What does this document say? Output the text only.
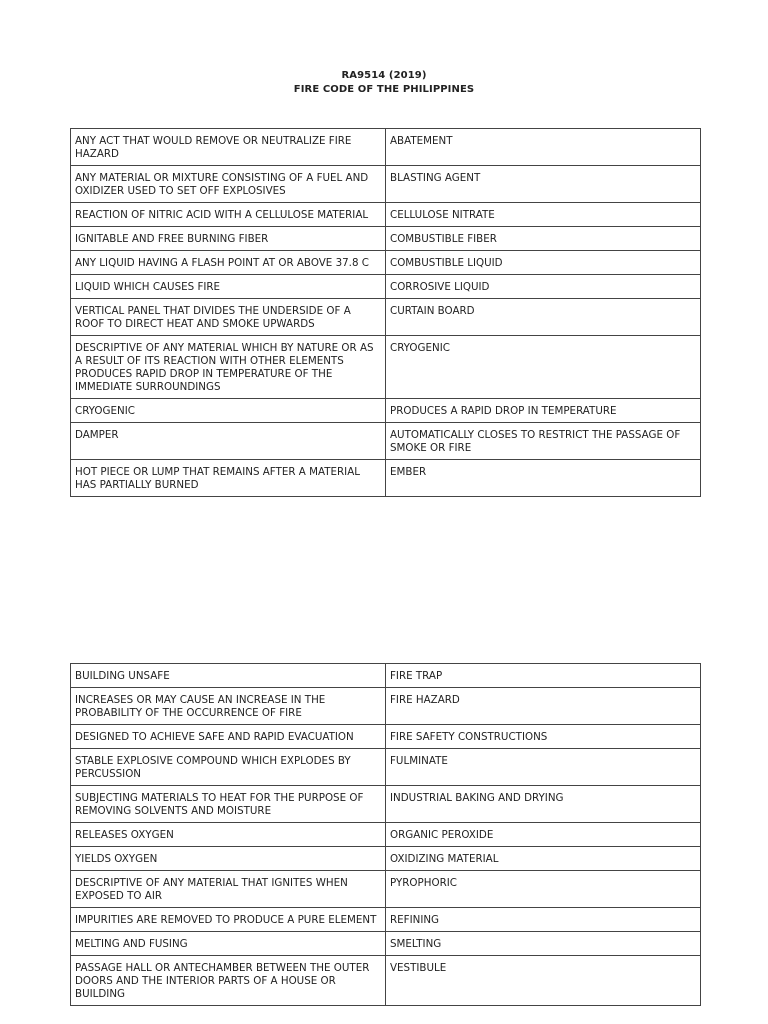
RA9514 (2019)
FIRE CODE OF THE PHILIPPINES
ANY ACT THAT WOULD REMOVE OR NEUTRALIZE FIRE HAZARD	ABATEMENT
ANY MATERIAL OR MIXTURE CONSISTING OF A FUEL AND OXIDIZER USED TO SET OFF EXPLOSIVES	BLASTING AGENT
REACTION OF NITRIC ACID WITH A CELLULOSE MATERIAL	CELLULOSE NITRATE
IGNITABLE AND FREE BURNING FIBER	COMBUSTIBLE FIBER
ANY LIQUID HAVING A FLASH POINT AT OR ABOVE 37.8 C	COMBUSTIBLE LIQUID
LIQUID WHICH CAUSES FIRE	CORROSIVE LIQUID
VERTICAL PANEL THAT DIVIDES THE UNDERSIDE OF A ROOF TO DIRECT HEAT AND SMOKE UPWARDS	CURTAIN BOARD
DESCRIPTIVE OF ANY MATERIAL WHICH BY NATURE OR AS A RESULT OF ITS REACTION WITH OTHER ELEMENTS PRODUCES RAPID DROP IN TEMPERATURE OF THE IMMEDIATE SURROUNDINGS	CRYOGENIC
CRYOGENIC	PRODUCES A RAPID DROP IN TEMPERATURE
DAMPER	AUTOMATICALLY CLOSES TO RESTRICT THE PASSAGE OF SMOKE OR FIRE
HOT PIECE OR LUMP THAT REMAINS AFTER A MATERIAL HAS PARTIALLY BURNED	EMBER
BUILDING UNSAFE	FIRE TRAP
INCREASES OR MAY CAUSE AN INCREASE IN THE PROBABILITY OF THE OCCURRENCE OF FIRE	FIRE HAZARD
DESIGNED TO ACHIEVE SAFE AND RAPID EVACUATION	FIRE SAFETY CONSTRUCTIONS
STABLE EXPLOSIVE COMPOUND WHICH EXPLODES BY PERCUSSION	FULMINATE
SUBJECTING MATERIALS TO HEAT FOR THE PURPOSE OF REMOVING SOLVENTS AND MOISTURE	INDUSTRIAL BAKING AND DRYING
RELEASES OXYGEN	ORGANIC PEROXIDE
YIELDS OXYGEN	OXIDIZING MATERIAL
DESCRIPTIVE OF ANY MATERIAL THAT IGNITES WHEN EXPOSED TO AIR	PYROPHORIC
IMPURITIES ARE REMOVED TO PRODUCE A PURE ELEMENT	REFINING
MELTING AND FUSING	SMELTING
PASSAGE HALL OR ANTECHAMBER BETWEEN THE OUTER DOORS AND THE INTERIOR PARTS OF A HOUSE OR BUILDING	VESTIBULE
